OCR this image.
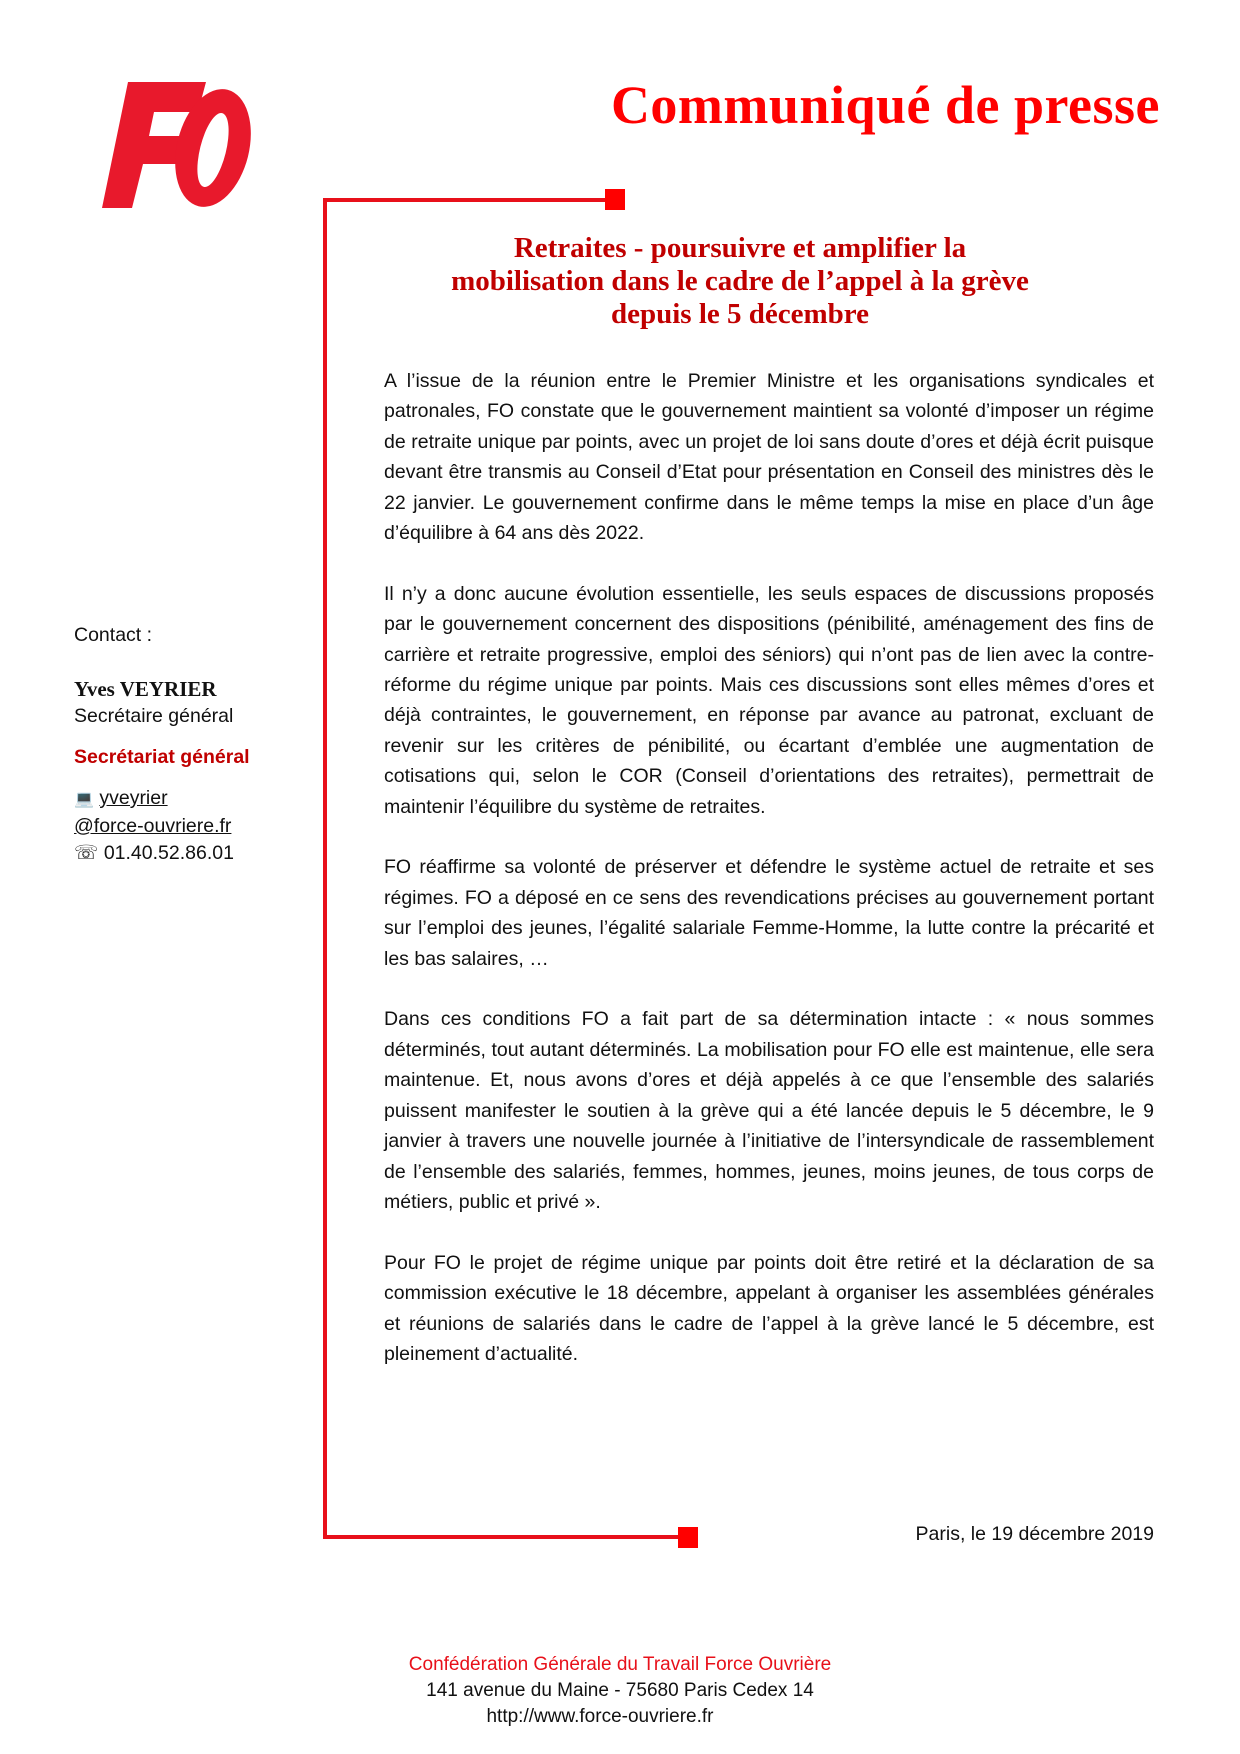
Communiqué de presse
Retraites - poursuivre et amplifier la
mobilisation dans le cadre de l’appel à la grève
depuis le 5 décembre

A l’issue de la réunion entre le Premier Ministre et les organisations syndicales et patronales, FO constate que le gouvernement maintient sa volonté d’imposer un régime de retraite unique par points, avec un projet de loi sans doute d’ores et déjà écrit puisque devant être transmis au Conseil d’Etat pour présentation en Conseil des ministres dès le 22 janvier. Le gouvernement confirme dans le même temps la mise en place d’un âge d’équilibre à 64 ans dès 2022.

Il n’y a donc aucune évolution essentielle, les seuls espaces de discussions proposés par le gouvernement concernent des dispositions (pénibilité, aménagement des fins de carrière et retraite progressive, emploi des séniors) qui n’ont pas de lien avec la contre-réforme du régime unique par points. Mais ces discussions sont elles mêmes d’ores et déjà contraintes, le gouvernement, en réponse par avance au patronat, excluant de revenir sur les critères de pénibilité, ou écartant d’emblée une augmentation de cotisations qui, selon le COR (Conseil d’orientations des retraites), permettrait de maintenir l’équilibre du système de retraites.

FO réaffirme sa volonté de préserver et défendre le système actuel de retraite et ses régimes. FO a déposé en ce sens des revendications précises au gouvernement portant sur l’emploi des jeunes, l’égalité salariale Femme-Homme, la lutte contre la précarité et les bas salaires, …

Dans ces conditions FO a fait part de sa détermination intacte : « nous sommes déterminés, tout autant déterminés. La mobilisation pour FO elle est maintenue, elle sera maintenue. Et, nous avons d’ores et déjà appelés à ce que l’ensemble des salariés puissent manifester le soutien à la grève qui a été lancée depuis le 5 décembre, le 9 janvier à travers une nouvelle journée à l’initiative de l’intersyndicale de rassemblement de l’ensemble des salariés, femmes, hommes, jeunes, moins jeunes, de tous corps de métiers, public et privé ».

Pour FO le projet de régime unique par points doit être retiré et la déclaration de sa commission exécutive le 18 décembre, appelant à organiser les assemblées générales et réunions de salariés dans le cadre de l’appel à la grève lancé le 5 décembre, est pleinement d’actualité.

Paris, le 19 décembre 2019
Contact :
Yves VEYRIER
Secrétaire général
Secrétariat général
💻 yveyrier
@force-ouvriere.fr
☏ 01.40.52.86.01
Confédération Générale du Travail Force Ouvrière
141 avenue du Maine - 75680 Paris Cedex 14
http://www.force-ouvriere.fr
